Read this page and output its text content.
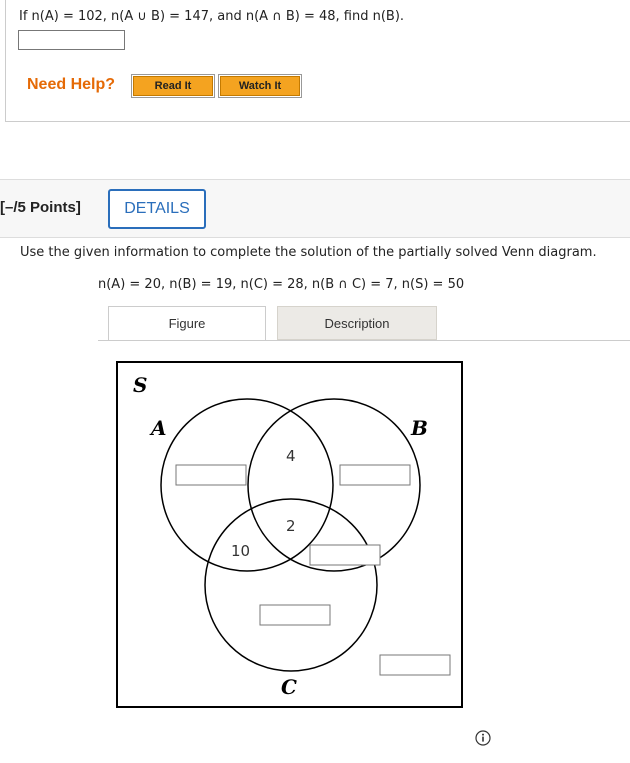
If n(A) = 102, n(A ∪ B) = 147, and n(A ∩ B) = 48, find n(B).
Need Help?	Read It	Watch It
[–/5 Points]	DETAILS
Use the given information to complete the solution of the partially solved Venn diagram.
n(A) = 20, n(B) = 19, n(C) = 28, n(B ∩ C) = 7, n(S) = 50
Figure	Description
S
A	B
C
4
2
10
